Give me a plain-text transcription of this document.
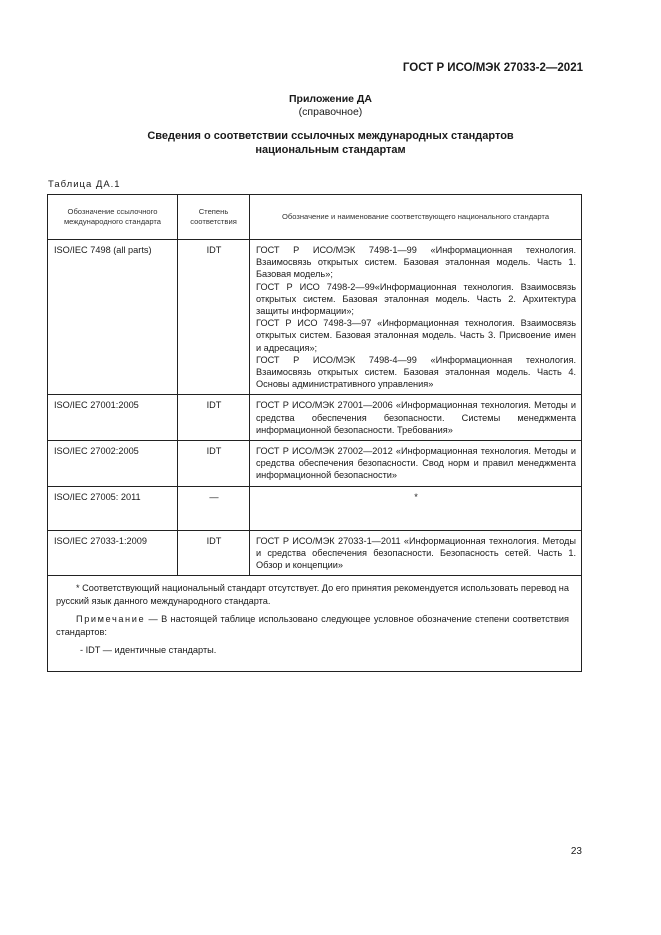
ГОСТ Р ИСО/МЭК 27033-2—2021
Приложение ДА
(справочное)
Сведения о соответствии ссылочных международных стандартов
национальным стандартам
Таблица ДА.1
Обозначение ссылочного международного стандарта	Степень соответствия	Обозначение и наименование соответствующего национального стандарта
ISO/IEC 7498 (all parts)	IDT	ГОСТ Р ИСО/МЭК 7498-1—99 «Информационная технология. Взаимосвязь открытых систем. Базовая эталонная модель. Часть 1. Базовая модель»;
ГОСТ Р ИСО 7498-2—99«Информационная технология. Взаимосвязь открытых систем. Базовая эталонная модель. Часть 2. Архитектура защиты информации»;
ГОСТ Р ИСО 7498-3—97 «Информационная технология. Взаимосвязь открытых систем. Базовая эталонная модель. Часть 3. Присвоение имен и адресация»;
ГОСТ Р ИСО/МЭК 7498-4—99 «Информационная технология. Взаимосвязь открытых систем. Базовая эталонная модель. Часть 4. Основы административного управления»

ISO/IEC 27001:2005	IDT	ГОСТ Р ИСО/МЭК 27001—2006 «Информационная технология. Методы и средства обеспечения безопасности. Системы менеджмента информационной безопасности. Требования»

ISO/IEC 27002:2005	IDT	ГОСТ Р ИСО/МЭК 27002—2012 «Информационная технология. Методы и средства обеспечения безопасности. Свод норм и правил менеджмента информационной безопасности»

ISO/IEC 27005: 2011	—	*

ISO/IEC 27033-1:2009	IDT	ГОСТ Р ИСО/МЭК 27033-1—2011 «Информационная технология. Методы и средства обеспечения безопасности. Безопасность сетей. Часть 1. Обзор и концепции»

* Соответствующий национальный стандарт отсутствует. До его принятия рекомендуется использовать перевод на русский язык данного международного стандарта.

Примечание — В настоящей таблице использовано следующее условное обозначение степени соответствия стандартов:

- IDT — идентичные стандарты.		

23
